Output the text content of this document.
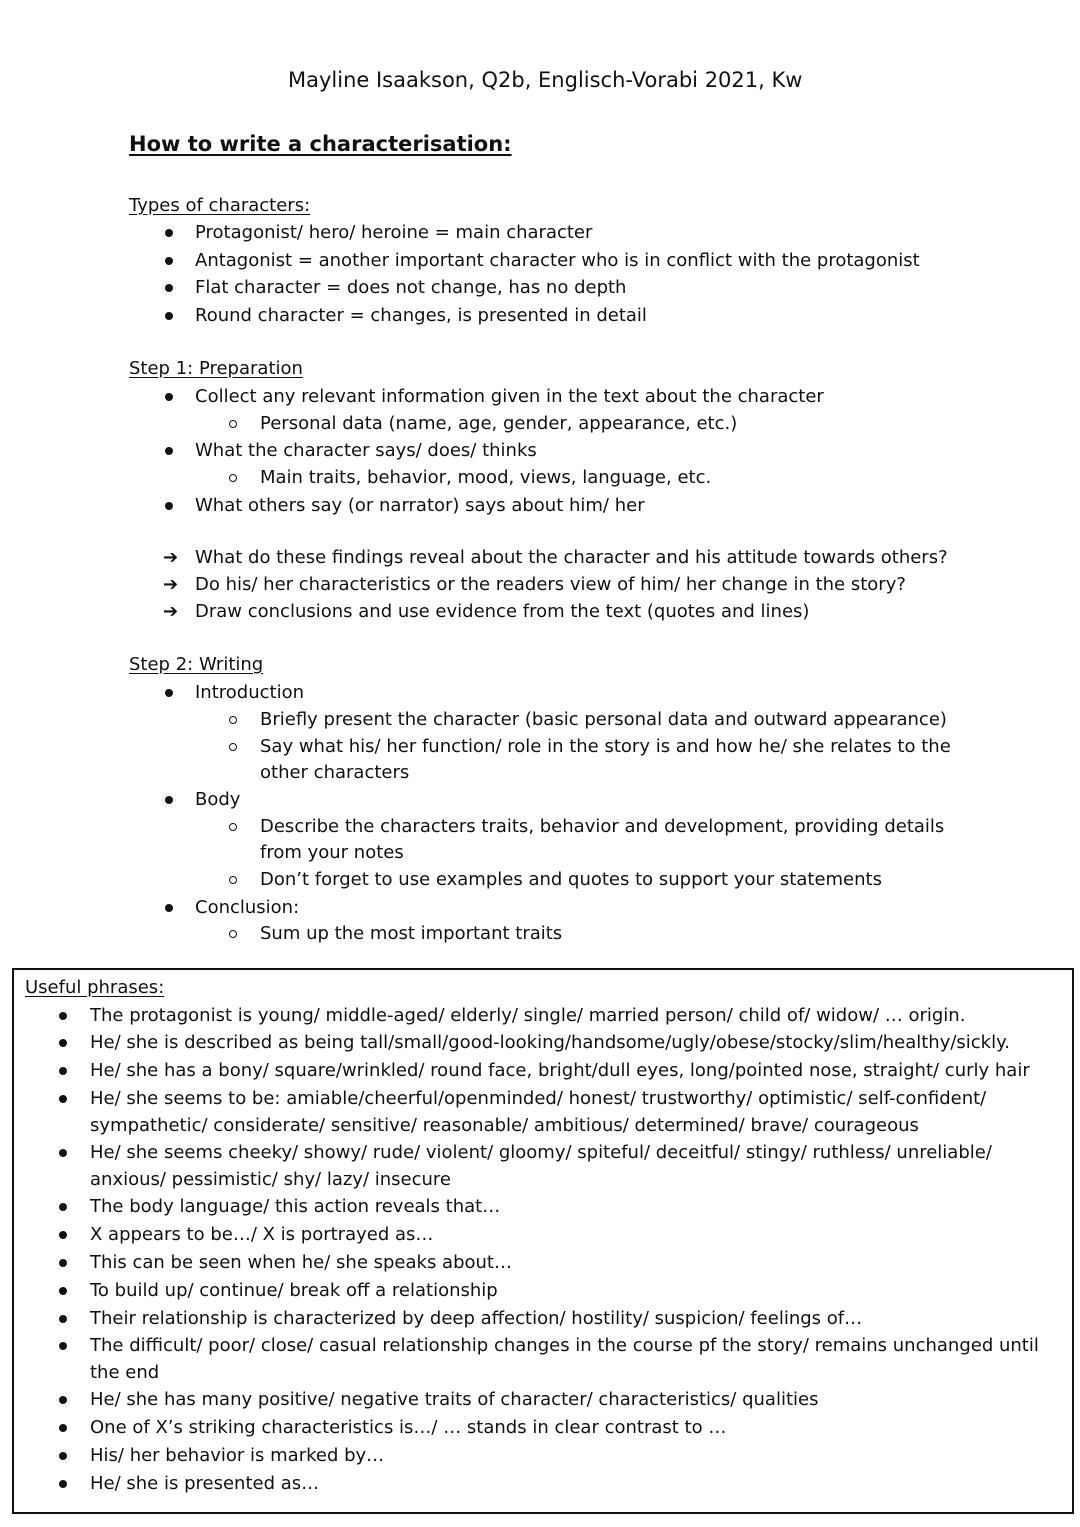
Mayline Isaakson, Q2b, Englisch-Vorabi 2021, Kw
How to write a characterisation:
Types of characters:
Protagonist/ hero/ heroine = main character
Antagonist = another important character who is in conflict with the protagonist
Flat character = does not change, has no depth
Round character = changes, is presented in detail
Step 1: Preparation
Collect any relevant information given in the text about the character
Personal data (name, age, gender, appearance, etc.)
What the character says/ does/ thinks
Main traits, behavior, mood, views, language, etc.
What others say (or narrator) says about him/ her
➔ What do these findings reveal about the character and his attitude towards others?
➔ Do his/ her characteristics or the readers view of him/ her change in the story?
➔ Draw conclusions and use evidence from the text (quotes and lines)
Step 2: Writing
Introduction
Briefly present the character (basic personal data and outward appearance)
Say what his/ her function/ role in the story is and how he/ she relates to the
other characters
Body
Describe the characters traits, behavior and development, providing details
from your notes
Don’t forget to use examples and quotes to support your statements
Conclusion:
Sum up the most important traits
Useful phrases:
The protagonist is young/ middle-aged/ elderly/ single/ married person/ child of/ widow/ … origin.
He/ she is described as being tall/small/good-looking/handsome/ugly/obese/stocky/slim/healthy/sickly.
He/ she has a bony/ square/wrinkled/ round face, bright/dull eyes, long/pointed nose, straight/ curly hair
He/ she seems to be: amiable/cheerful/openminded/ honest/ trustworthy/ optimistic/ self-confident/
sympathetic/ considerate/ sensitive/ reasonable/ ambitious/ determined/ brave/ courageous
He/ she seems cheeky/ showy/ rude/ violent/ gloomy/ spiteful/ deceitful/ stingy/ ruthless/ unreliable/
anxious/ pessimistic/ shy/ lazy/ insecure
The body language/ this action reveals that…
X appears to be…/ X is portrayed as…
This can be seen when he/ she speaks about…
To build up/ continue/ break off a relationship
Their relationship is characterized by deep affection/ hostility/ suspicion/ feelings of…
The difficult/ poor/ close/ casual relationship changes in the course pf the story/ remains unchanged until
the end
He/ she has many positive/ negative traits of character/ characteristics/ qualities
One of X’s striking characteristics is…/ … stands in clear contrast to …
His/ her behavior is marked by…
He/ she is presented as…
